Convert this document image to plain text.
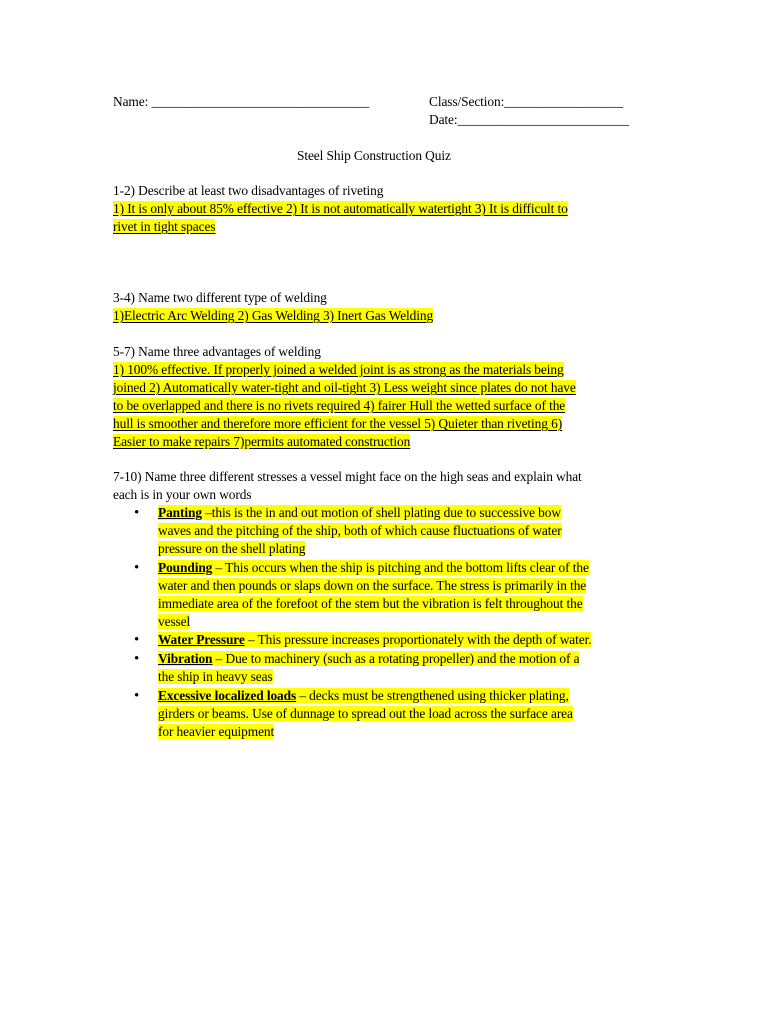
Name: _________________________________	Class/Section:__________________
Date:__________________________
Steel Ship Construction Quiz
1-2) Describe at least two disadvantages of riveting
1) It is only about 85% effective 2) It is not automatically watertight 3) It is difficult to
rivet in tight spaces
3-4) Name two different type of welding
1)Electric Arc Welding 2) Gas Welding 3) Inert Gas Welding
5-7) Name three advantages of welding
1) 100% effective. If properly joined a welded joint is as strong as the materials being
joined 2) Automatically water-tight and oil-tight 3) Less weight since plates do not have
to be overlapped and there is no rivets required 4) fairer Hull the wetted surface of the
hull is smoother and therefore more efficient for the vessel 5) Quieter than riveting 6)
Easier to make repairs 7)permits automated construction
7-10) Name three different stresses a vessel might face on the high seas and explain what
each is in your own words
• Panting –this is the in and out motion of shell plating due to successive bow
waves and the pitching of the ship, both of which cause fluctuations of water
pressure on the shell plating
• Pounding – This occurs when the ship is pitching and the bottom lifts clear of the
water and then pounds or slaps down on the surface. The stress is primarily in the
immediate area of the forefoot of the stem but the vibration is felt throughout the
vessel
• Water Pressure – This pressure increases proportionately with the depth of water.
• Vibration – Due to machinery (such as a rotating propeller) and the motion of a
the ship in heavy seas
• Excessive localized loads – decks must be strengthened using thicker plating,
girders or beams. Use of dunnage to spread out the load across the surface area
for heavier equipment
